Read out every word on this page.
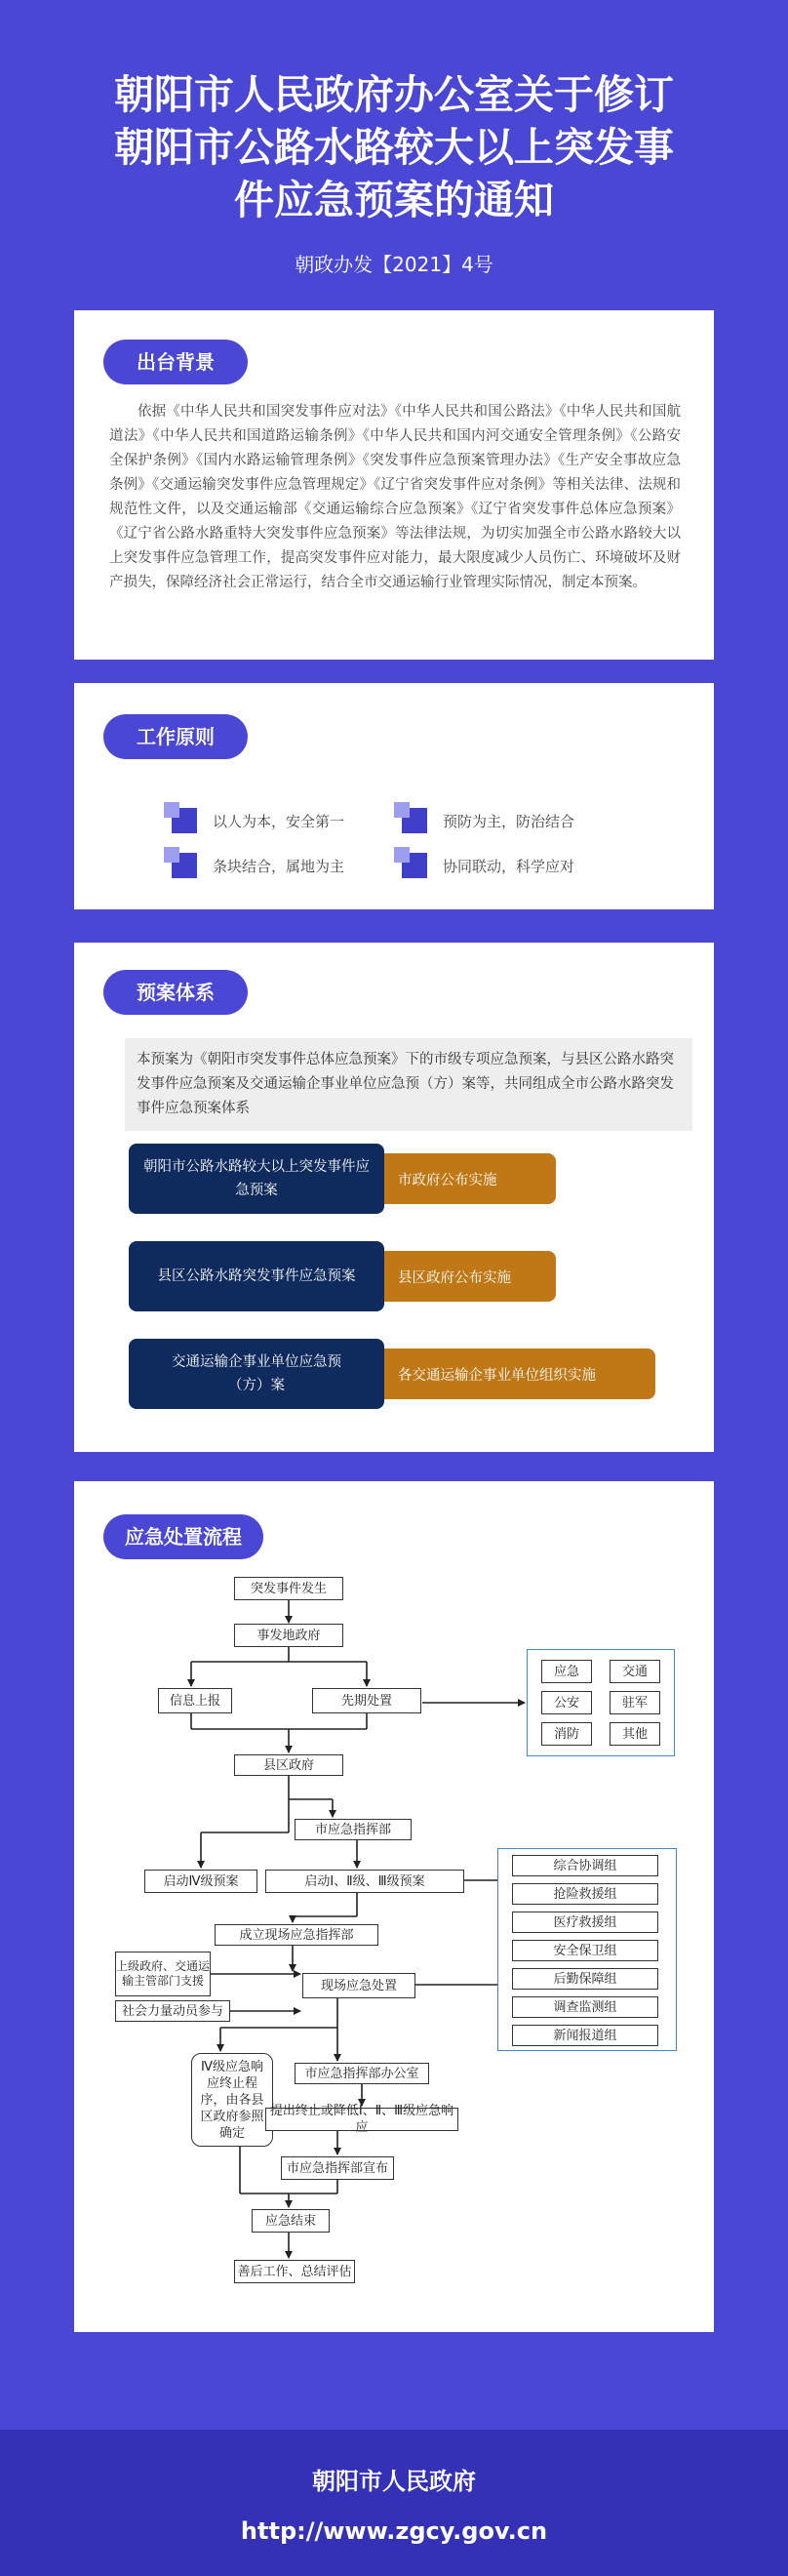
朝阳市人民政府办公室关于修订
朝阳市公路水路较大以上突发事
件应急预案的通知
朝政办发【2021】4号
出台背景

依据《中华人民共和国突发事件应对法》《中华人民共和国公路法》《中华人民共和国航道法》《中华人民共和国道路运输条例》《中华人民共和国内河交通安全管理条例》《公路安全保护条例》《国内水路运输管理条例》《突发事件应急预案管理办法》《生产安全事故应急条例》《交通运输突发事件应急管理规定》《辽宁省突发事件应对条例》等相关法律、法规和规范性文件，以及交通运输部《交通运输综合应急预案》《辽宁省突发事件总体应急预案》《辽宁省公路水路重特大突发事件应急预案》等法律法规，为切实加强全市公路水路较大以上突发事件应急管理工作，提高突发事件应对能力，最大限度减少人员伤亡、环境破坏及财产损失，保障经济社会正常运行，结合全市交通运输行业管理实际情况，制定本预案。

工作原则
以人为本，安全第一	预防为主，防治结合
条块结合，属地为主	协同联动，科学应对
预案体系
本预案为《朝阳市突发事件总体应急预案》下的市级专项应急预案，与县区公路水路突发事件应急预案及交通运输企事业单位应急预（方）案等，共同组成全市公路水路突发事件应急预案体系
朝阳市公路水路较大以上突发事件应急预案
市政府公布实施
县区公路水路突发事件应急预案	县区政府公布实施
交通运输企事业单位应急预（方）案
各交通运输企事业单位组织实施
应急处置流程
突发事件发生
事发地政府
信息上报	先期处置
应急	交通
公安	驻军
消防	其他
县区政府
市应急指挥部
启动Ⅳ级预案	启动Ⅰ、Ⅱ级、Ⅲ级预案
综合协调组
抢险救援组
医疗救援组
安全保卫组
后勤保障组
调查监测组
新闻报道组
成立现场应急指挥部
上级政府、交通运输主管部门支援	现场应急处置
社会力量动员参与
Ⅳ级应急响应终止程序，由各县区政府参照确定
市应急指挥部办公室
提出终止或降低Ⅰ、Ⅱ、Ⅲ级应急响应
市应急指挥部宣布
应急结束
善后工作、总结评估
朝阳市人民政府
http://www.zgcy.gov.cn
